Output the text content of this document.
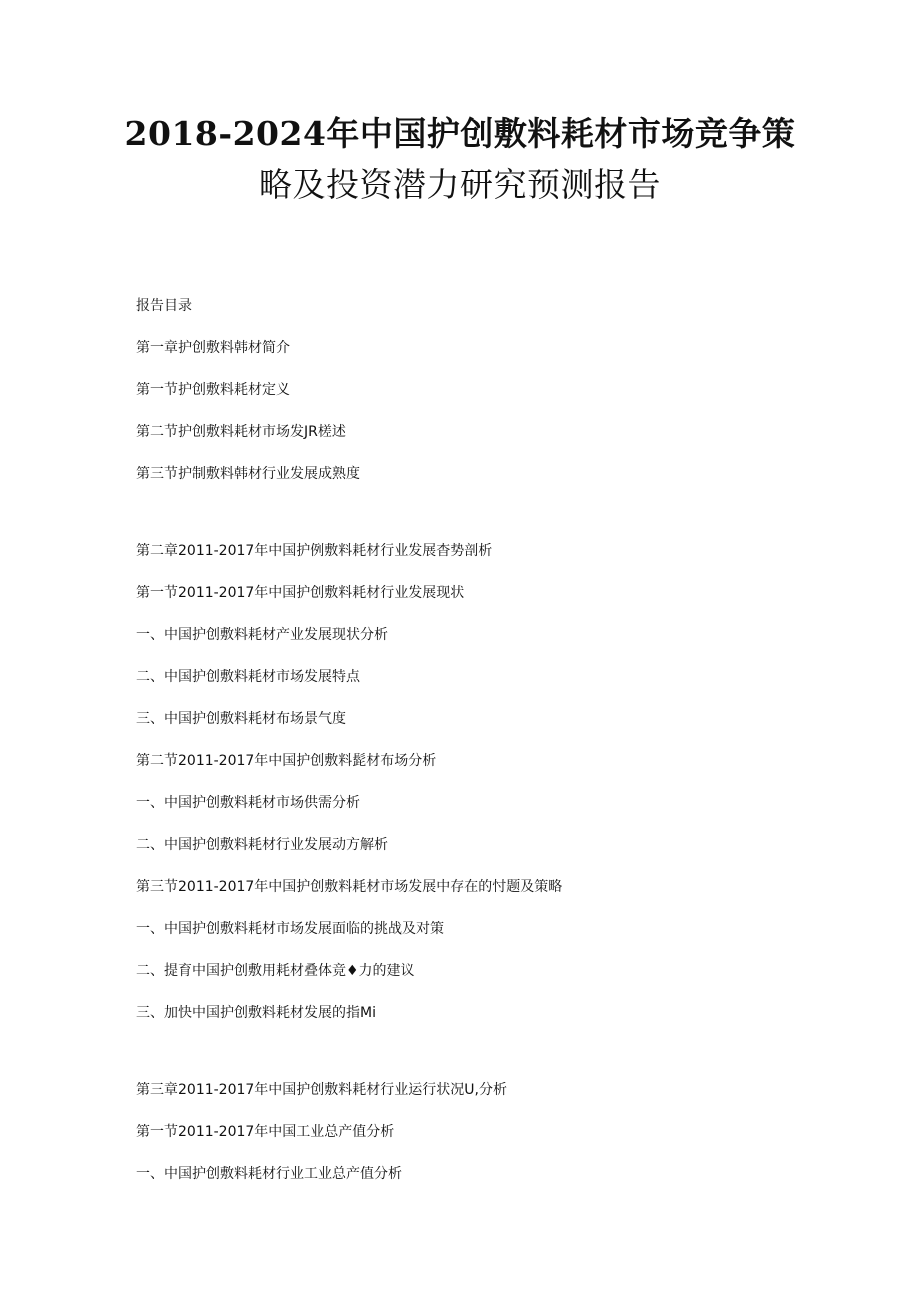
2018-2024年中国护创敷料耗材市场竞争策
略及投资潜力研究预测报告
报告目录
第一章护创敷料韩材简介
第一节护创敷料耗材定义
第二节护创敷料耗材市场发JR槎述
第三节护制敷料韩材行业发展成熟度
第二章2011-2017年中国护例敷料耗材行业发展杳势剖析
第一节2011-2017年中国护创敷料耗材行业发展现状
一、中国护创敷料耗材产业发展现状分析
二、中国护创敷料耗材市场发展特点
三、中国护创敷料耗材布场景气度
第二节2011-2017年中国护创敷料髭材布场分析
一、中国护创敷料耗材市场供需分析
二、中国护创敷料耗材行业发展动方解析
第三节2011-2017年中国护创敷料耗材市场发展中存在的忖题及策略
一、中国护创敷料耗材市场发展面临的挑战及对策
二、提育中国护创敷用耗材叠体竞♦力的建议
三、加快中国护创敷料耗材发展的指Mi
第三章2011-2017年中国护创敷料耗材行业运行状况U,分析
第一节2011-2017年中国工业总产值分析
一、中国护创敷料耗材行业工业总产值分析
